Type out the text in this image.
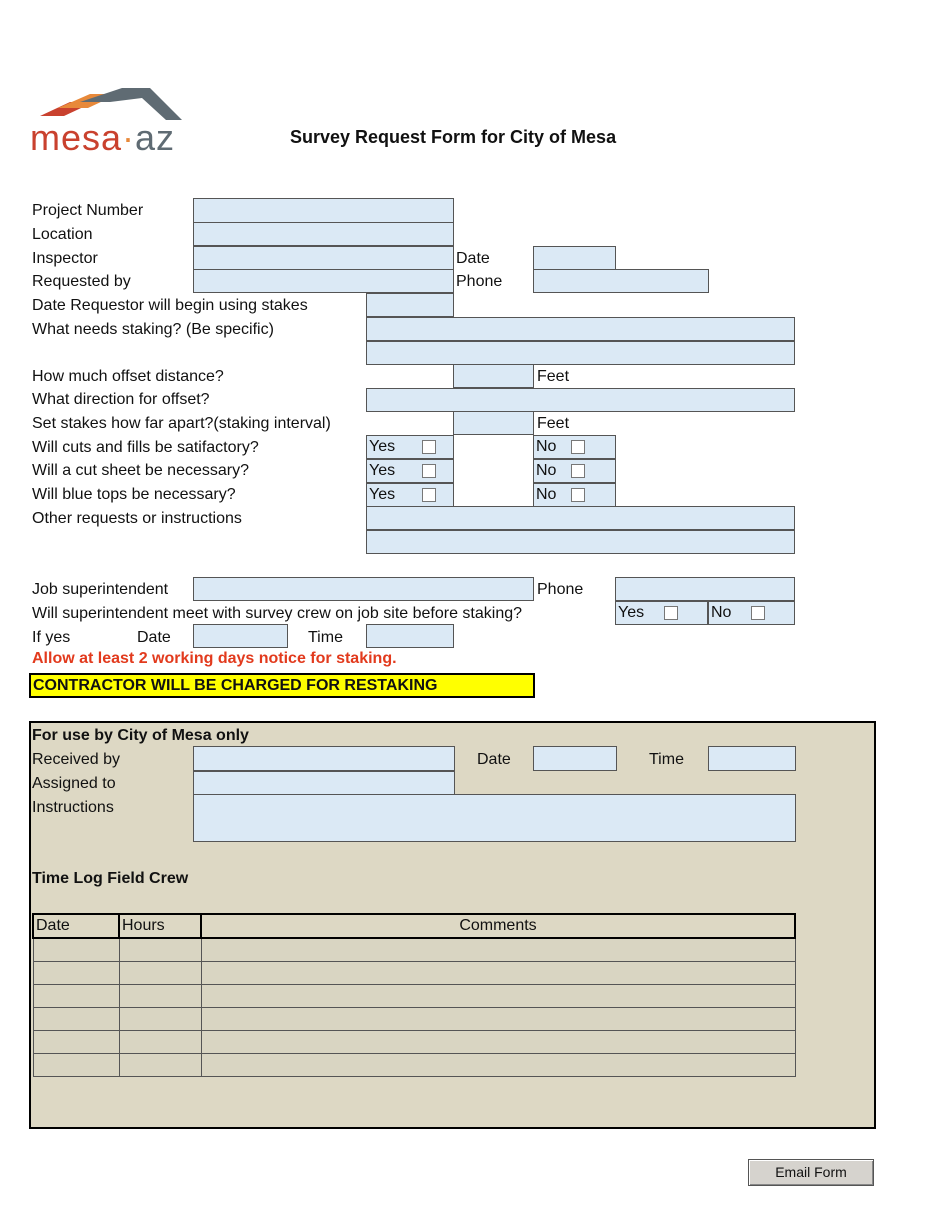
mesa·az	Survey Request Form for City of Mesa
Project Number
Location
Inspector	Date
Requested by	Phone
Date Requestor will begin using stakes
What needs staking? (Be specific)
How much offset distance?	Feet
What direction for offset?
Set stakes how far apart?(staking interval)	Feet
Will cuts and fills be satifactory?	Yes	No
Will a cut sheet be necessary?	Yes	No
Will blue tops be necessary?	Yes	No
Other requests or instructions
Job superintendent	Phone
Will superintendent meet with survey crew on job site before staking?	Yes	No
If yes	Date	Time
Allow at least 2 working days notice for staking.
CONTRACTOR WILL BE CHARGED FOR RESTAKING
For use by City of Mesa only
Received by	Date	Time
Assigned to
Instructions
Time Log Field Crew
Date	Hours	Comments

Email Form
